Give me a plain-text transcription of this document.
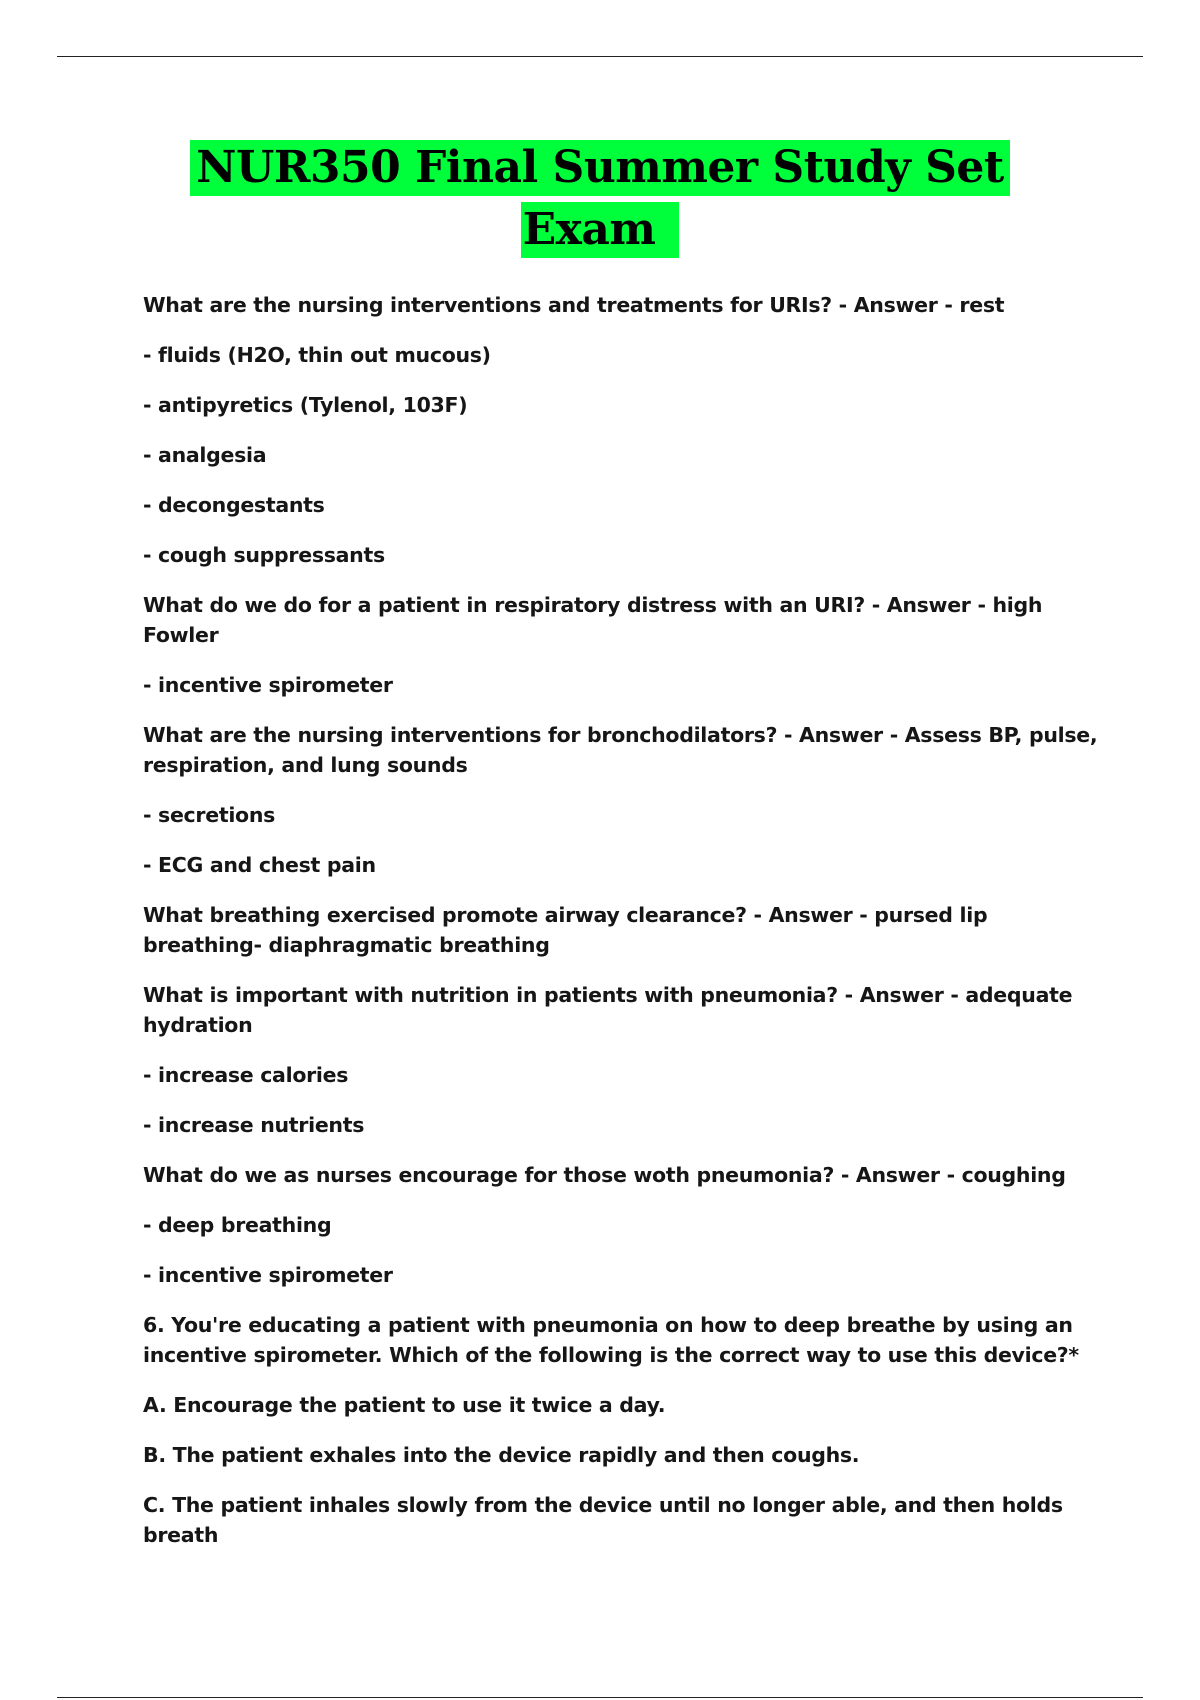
NUR350 Final Summer Study Set
Exam

What are the nursing interventions and treatments for URIs? - Answer - rest

- fluids (H2O, thin out mucous)

- antipyretics (Tylenol, 103F)

- analgesia

- decongestants

- cough suppressants

What do we do for a patient in respiratory distress with an URI? - Answer - high Fowler

- incentive spirometer

What are the nursing interventions for bronchodilators? - Answer - Assess BP, pulse, respiration, and lung sounds

- secretions

- ECG and chest pain

What breathing exercised promote airway clearance? - Answer - pursed lip breathing- diaphragmatic breathing

What is important with nutrition in patients with pneumonia? - Answer - adequate hydration

- increase calories

- increase nutrients

What do we as nurses encourage for those woth pneumonia? - Answer - coughing

- deep breathing

- incentive spirometer

6. You're educating a patient with pneumonia on how to deep breathe by using an incentive spirometer. Which of the following is the correct way to use this device?*

A. Encourage the patient to use it twice a day.

B. The patient exhales into the device rapidly and then coughs.

C. The patient inhales slowly from the device until no longer able, and then holds breath
